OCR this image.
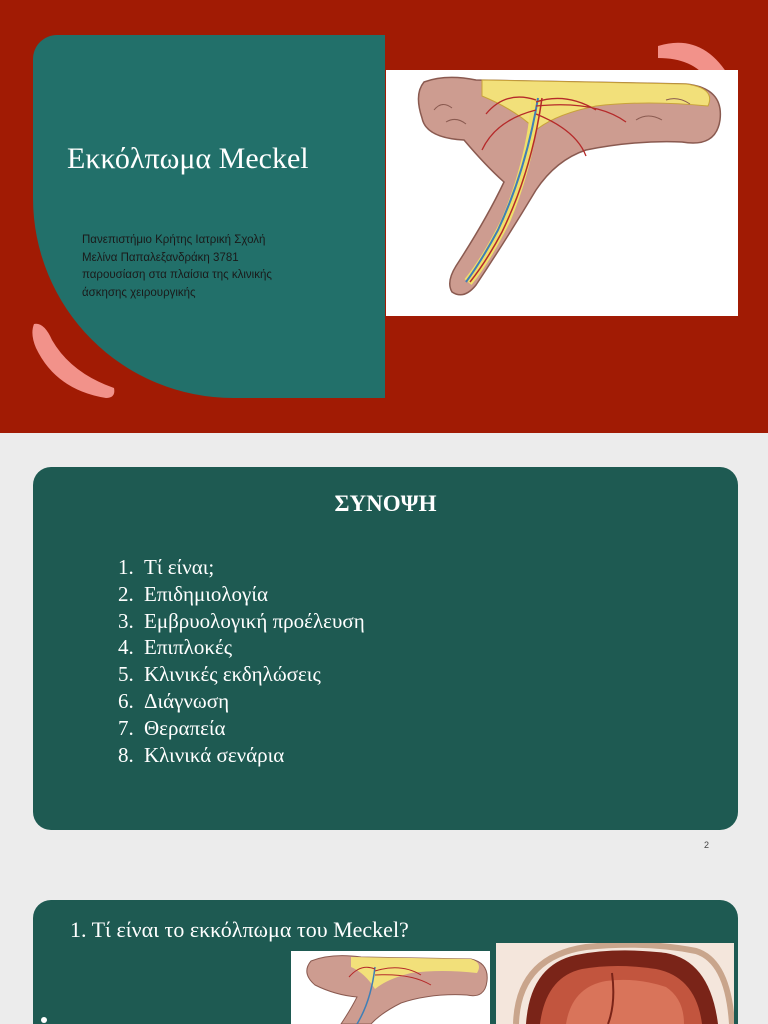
Εκκόλπωμα Meckel
Πανεπιστήμιο Κρήτης Ιατρική Σχολή
Μελίνα Παπαλεξανδράκη 3781
παρουσίαση στα πλαίσια της κλινικής
άσκησης χειρουργικής
ΣΥΝΟΨΗ
1. Τί είναι;
2. Επιδημιολογία
3. Εμβρυολογική προέλευση
4. Επιπλοκές
5. Κλινικές εκδηλώσεις
6. Διάγνωση
7. Θεραπεία
8. Κλινικά σενάρια
2
1. Τί είναι το εκκόλπωμα του Meckel?
